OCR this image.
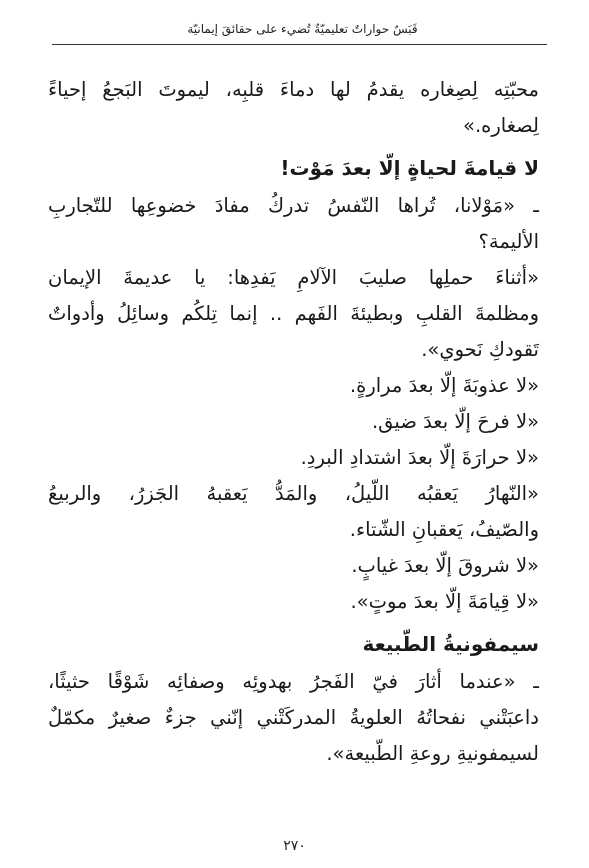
قَبَسٌ حواراتٌ تعليميّةٌ تُضيء على حقائقَ إيمانيّة

محبّتِه لِصِغاره يقدمُ لها دماءَ قلبِه، ليموتَ البَجعُ إحياءً

لِصغاره.»

لا قيامةَ لحياةٍ إلّا بعدَ مَوْت!

ـ «مَوْلانا، تُراها النّفسُ تدركُ مفادَ خضوعِها للتّجاربِ

الأليمة؟

«أثناءَ حملِها صليبَ الآلامِ يَفدِها: يا عديمةَ الإيمان

ومظلمةَ القلبِ وبطيئةَ الفَهم .. إنما تِلكُم وسائِلُ وأدواتٌ

تَقودكِ نَحوي».

«لا عذوبَةَ إلّا بعدَ مرارةٍ.

«لا فرحَ إلّا بعدَ ضيق.

«لا حرارَةَ إلّا بعدَ اشتدادِ البردِ.

«النّهارُ يَعقبُه اللّيلُ، والمَدُّ يَعقبهُ الجَزرُ، والربيعُ

والصّيفُ، يَعقبانِ الشّتاء.

«لا شروقَ إلّا بعدَ غيابٍ.

«لا قِيامَةَ إلّا بعدَ موتٍ».

سيمفونيةُ الطّبيعة

ـ «عندما أثارَ فيّ الفَجرُ بهدوئِه وصفائِه شَوْقًا حثيثًا،

داعبَتْني نفحاتُهُ العلويةُ المدركَتْني إنّني جزءٌ صغيرٌ مكمّلٌ

لسيمفونيةِ روعةِ الطّبيعة».

٢٧٠
